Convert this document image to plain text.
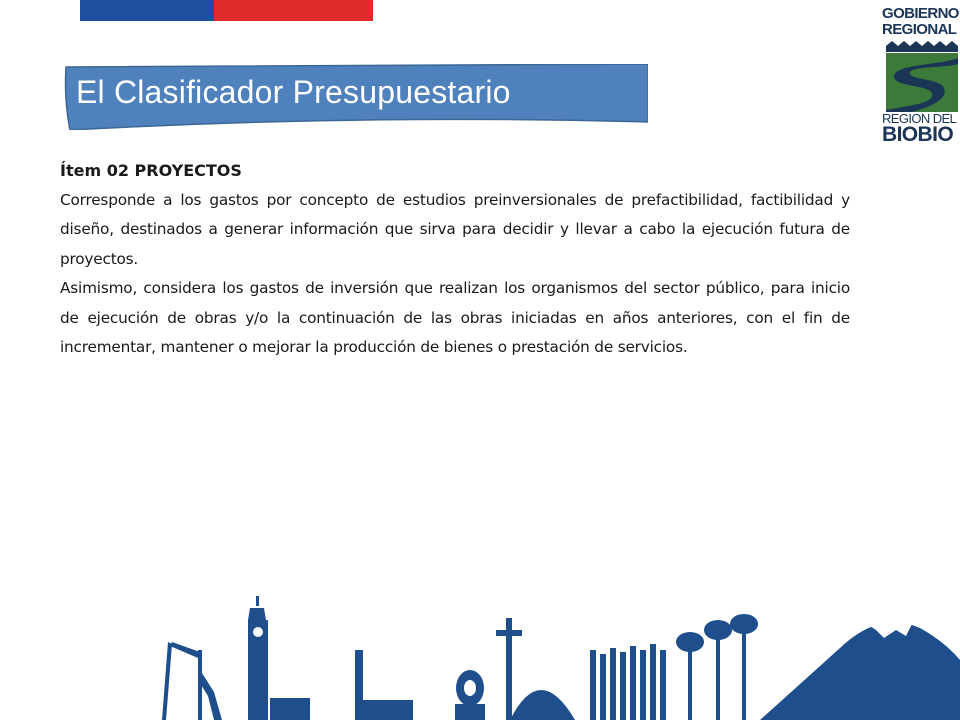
El Clasificador Presupuestario
GOBIERNO
REGIONAL
REGION DEL
BIOBIO
Ítem 02 PROYECTOS

Corresponde a los gastos por concepto de estudios preinversionales de prefactibilidad, factibilidad y diseño, destinados a generar información que sirva para decidir y llevar a cabo la ejecución futura de proyectos.

Asimismo, considera los gastos de inversión que realizan los organismos del sector público, para inicio de ejecución de obras y/o la continuación de las obras iniciadas en años anteriores, con el fin de incrementar, mantener o mejorar la producción de bienes o prestación de servicios.
